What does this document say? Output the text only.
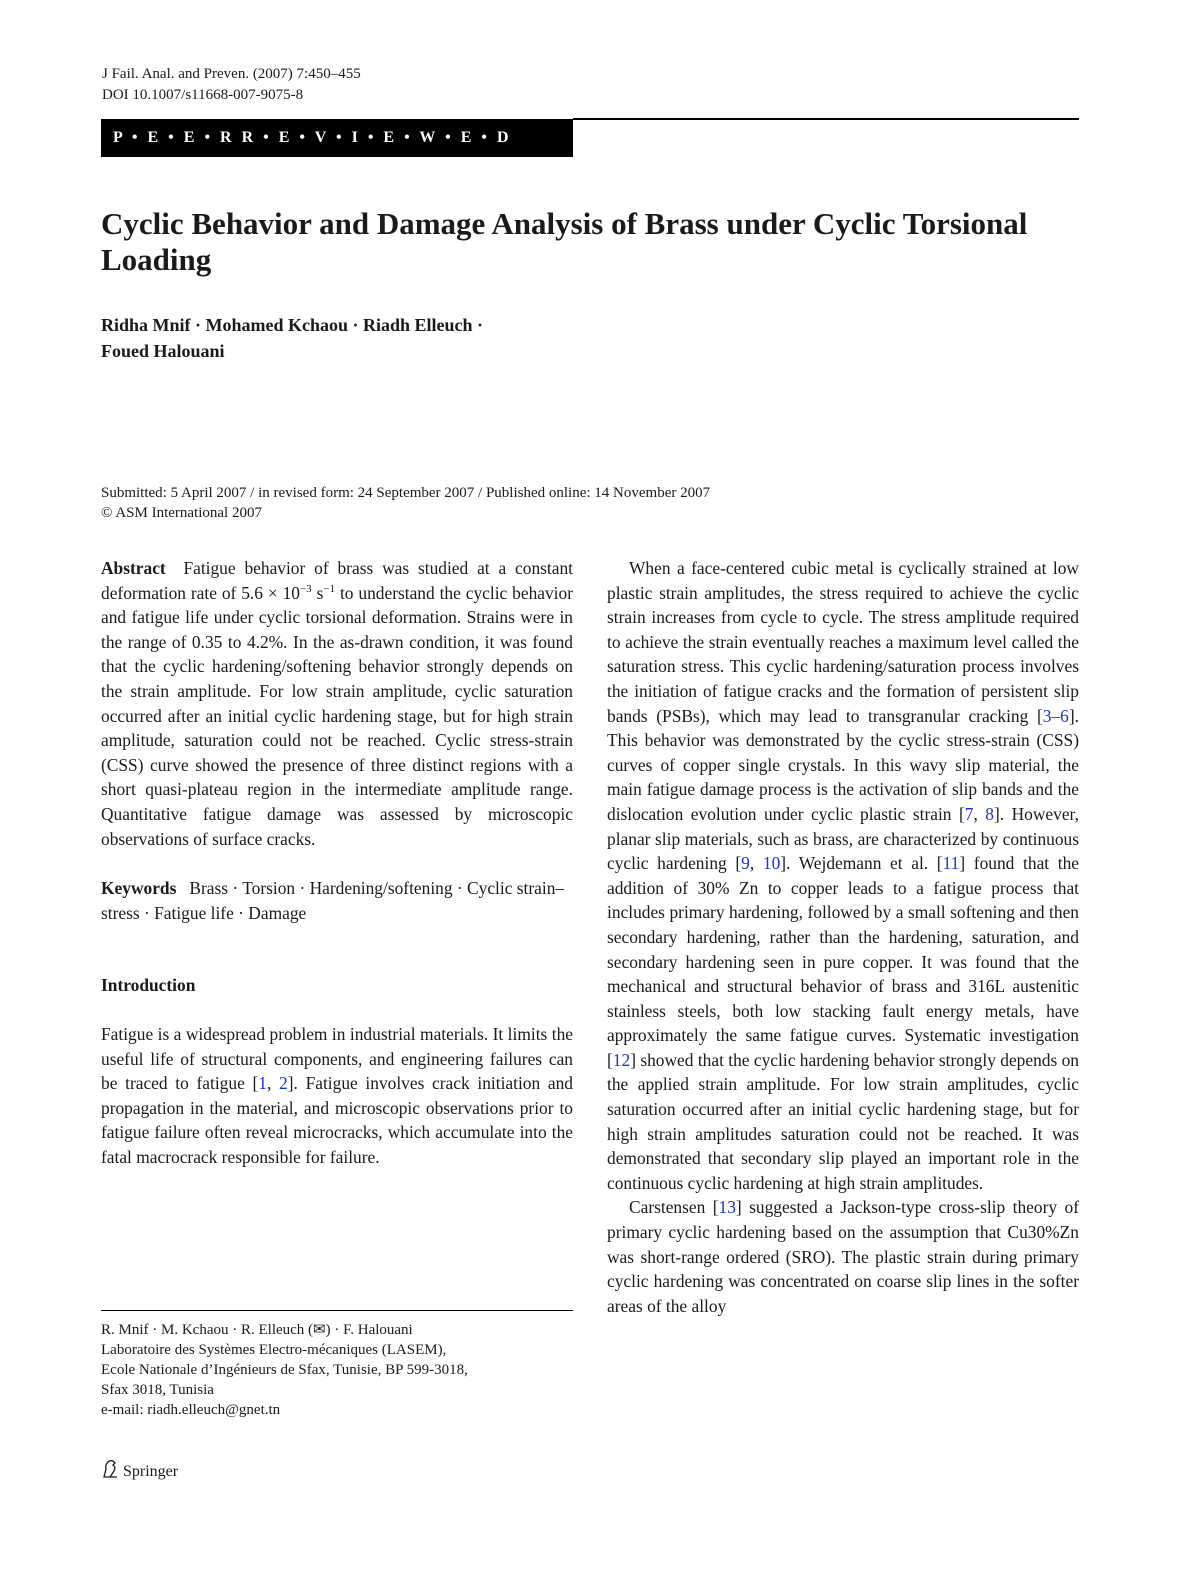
J Fail. Anal. and Preven. (2007) 7:450–455
DOI 10.1007/s11668-007-9075-8
P • E • E • R R • E • V • I • E • W • E • D
Cyclic Behavior and Damage Analysis of Brass under Cyclic Torsional Loading
Ridha Mnif · Mohamed Kchaou · Riadh Elleuch ·
Foued Halouani
Submitted: 5 April 2007 / in revised form: 24 September 2007 / Published online: 14 November 2007
© ASM International 2007

Abstract Fatigue behavior of brass was studied at a constant deformation rate of $5.6 \times 10^{-3}$ $s^{-1}$ to understand the cyclic behavior and fatigue life under cyclic torsional deformation. Strains were in the range of 0.35 to 4.2%. In the as-drawn condition, it was found that the cyclic hardening/softening behavior strongly depends on the strain amplitude. For low strain amplitude, cyclic saturation occurred after an initial cyclic hardening stage, but for high strain amplitude, saturation could not be reached. Cyclic stress-strain (CSS) curve showed the presence of three distinct regions with a short quasi-plateau region in the intermediate amplitude range. Quantitative fatigue damage was assessed by microscopic observations of surface cracks.

Keywords Brass · Torsion · Hardening/softening · Cyclic strain–stress · Fatigue life · Damage

Introduction

Fatigue is a widespread problem in industrial materials. It limits the useful life of structural components, and engineering failures can be traced to fatigue [1, 2]. Fatigue involves crack initiation and propagation in the material, and microscopic observations prior to fatigue failure often reveal microcracks, which accumulate into the fatal macrocrack responsible for failure.

R. Mnif · M. Kchaou · R. Elleuch (✉) · F. Halouani
Laboratoire des Systèmes Electro-mécaniques (LASEM),
Ecole Nationale d’Ingénieurs de Sfax, Tunisie, BP 599-3018,
Sfax 3018, Tunisia
e-mail: riadh.elleuch@gnet.tn

When a face-centered cubic metal is cyclically strained at low plastic strain amplitudes, the stress required to achieve the cyclic strain increases from cycle to cycle. The stress amplitude required to achieve the strain eventually reaches a maximum level called the saturation stress. This cyclic hardening/saturation process involves the initiation of fatigue cracks and the formation of persistent slip bands (PSBs), which may lead to transgranular cracking [3–6]. This behavior was demonstrated by the cyclic stress-strain (CSS) curves of copper single crystals. In this wavy slip material, the main fatigue damage process is the activation of slip bands and the dislocation evolution under cyclic plastic strain [7, 8]. However, planar slip materials, such as brass, are characterized by continuous cyclic hardening [9, 10]. Wejdemann et al. [11] found that the addition of 30% Zn to copper leads to a fatigue process that includes primary hardening, followed by a small softening and then secondary hardening, rather than the hardening, saturation, and secondary hardening seen in pure copper. It was found that the mechanical and structural behavior of brass and 316L austenitic stainless steels, both low stacking fault energy metals, have approximately the same fatigue curves. Systematic investigation [12] showed that the cyclic hardening behavior strongly depends on the applied strain amplitude. For low strain amplitudes, cyclic saturation occurred after an initial cyclic hardening stage, but for high strain amplitudes saturation could not be reached. It was demonstrated that secondary slip played an important role in the continuous cyclic hardening at high strain amplitudes.

Carstensen [13] suggested a Jackson-type cross-slip theory of primary cyclic hardening based on the assumption that Cu30%Zn was short-range ordered (SRO). The plastic strain during primary cyclic hardening was concentrated on coarse slip lines in the softer areas of the alloy

Springer
